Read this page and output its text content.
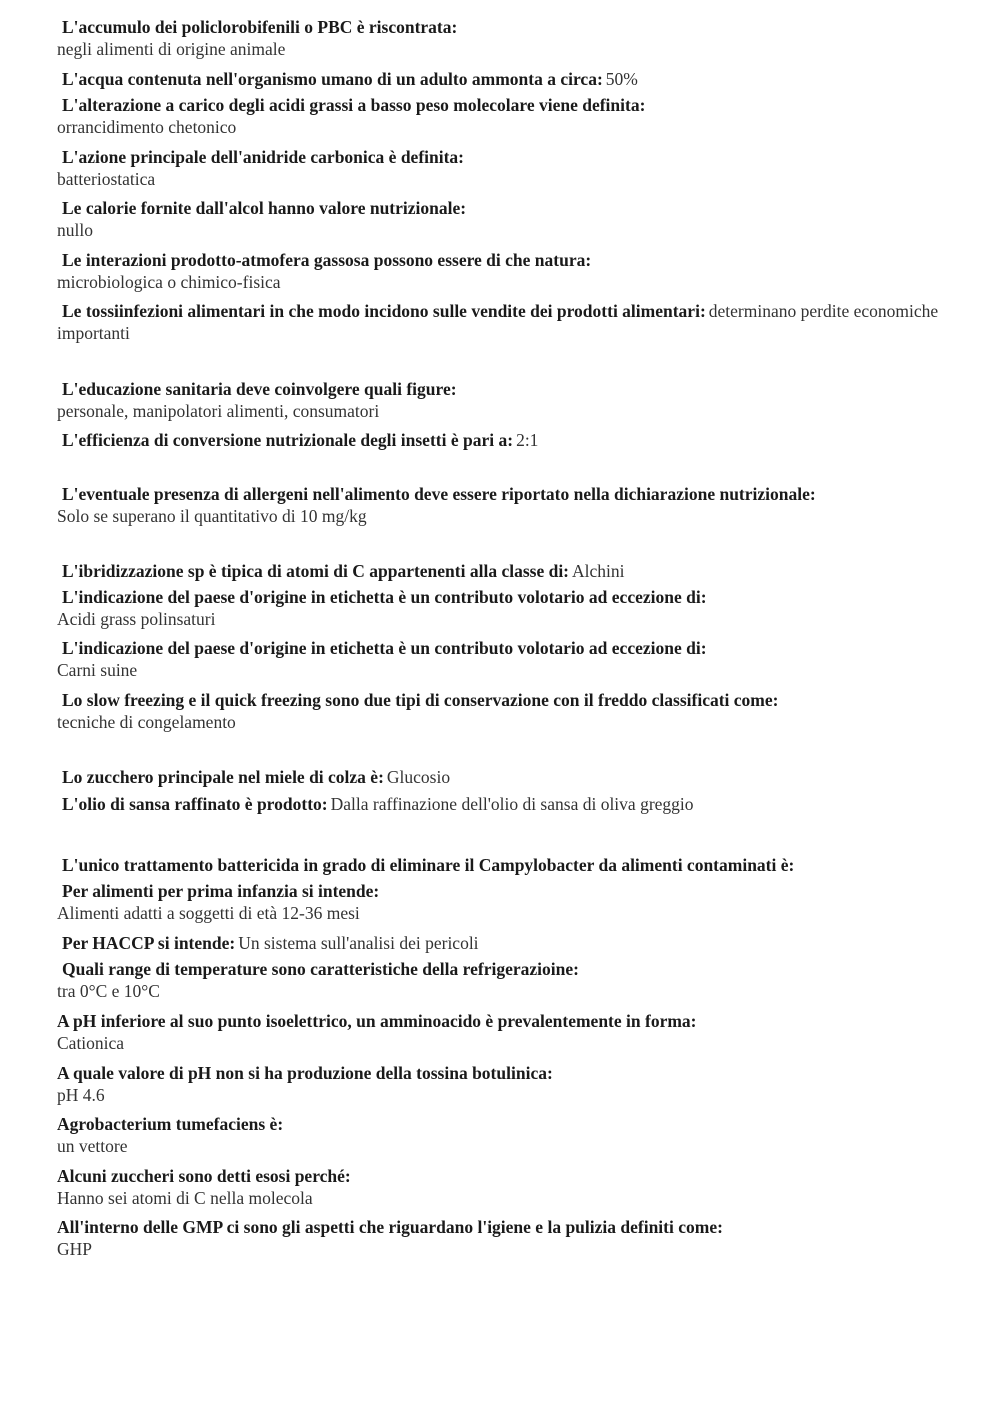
L'accumulo dei policlorobifenili o PBC è riscontrata:
negli alimenti di origine animale
L'acqua contenuta nell'organismo umano di un adulto ammonta a circa: 50%
L'alterazione a carico degli acidi grassi a basso peso molecolare viene definita:
orrancidimento chetonico
L'azione principale dell'anidride carbonica è definita:
batteriostatica
Le calorie fornite dall'alcol hanno valore nutrizionale:
nullo
Le interazioni prodotto-atmofera gassosa possono essere di che natura:
microbiologica o chimico-fisica
Le tossiinfezioni alimentari in che modo incidono sulle vendite dei prodotti alimentari: determinano perdite economiche importanti
L'educazione sanitaria deve coinvolgere quali figure:
personale, manipolatori alimenti, consumatori
L'efficienza di conversione nutrizionale degli insetti è pari a: 2:1
L'eventuale presenza di allergeni nell'alimento deve essere riportato nella dichiarazione nutrizionale:
Solo se superano il quantitativo di 10 mg/kg
L'ibridizzazione sp è tipica di atomi di C appartenenti alla classe di: Alchini
L'indicazione del paese d'origine in etichetta è un contributo volotario ad eccezione di:
Acidi grass polinsaturi
L'indicazione del paese d'origine in etichetta è un contributo volotario ad eccezione di:
Carni suine
Lo slow freezing e il quick freezing sono due tipi di conservazione con il freddo classificati come:
tecniche di congelamento
Lo zucchero principale nel miele di colza è: Glucosio
L'olio di sansa raffinato è prodotto: Dalla raffinazione dell'olio di sansa di oliva greggio
L'unico trattamento battericida in grado di eliminare il Campylobacter da alimenti contaminati è:
Per alimenti per prima infanzia si intende:
Alimenti adatti a soggetti di età 12-36 mesi
Per HACCP si intende: Un sistema sull'analisi dei pericoli
Quali range di temperature sono caratteristiche della refrigerazioine:
tra 0°C e 10°C
A pH inferiore al suo punto isoelettrico, un amminoacido è prevalentemente in forma:
Cationica
A quale valore di pH non si ha produzione della tossina botulinica:
pH 4.6
Agrobacterium tumefaciens è:
un vettore
Alcuni zuccheri sono detti esosi perché:
Hanno sei atomi di C nella molecola
All'interno delle GMP ci sono gli aspetti che riguardano l'igiene e la pulizia definiti come:
GHP
